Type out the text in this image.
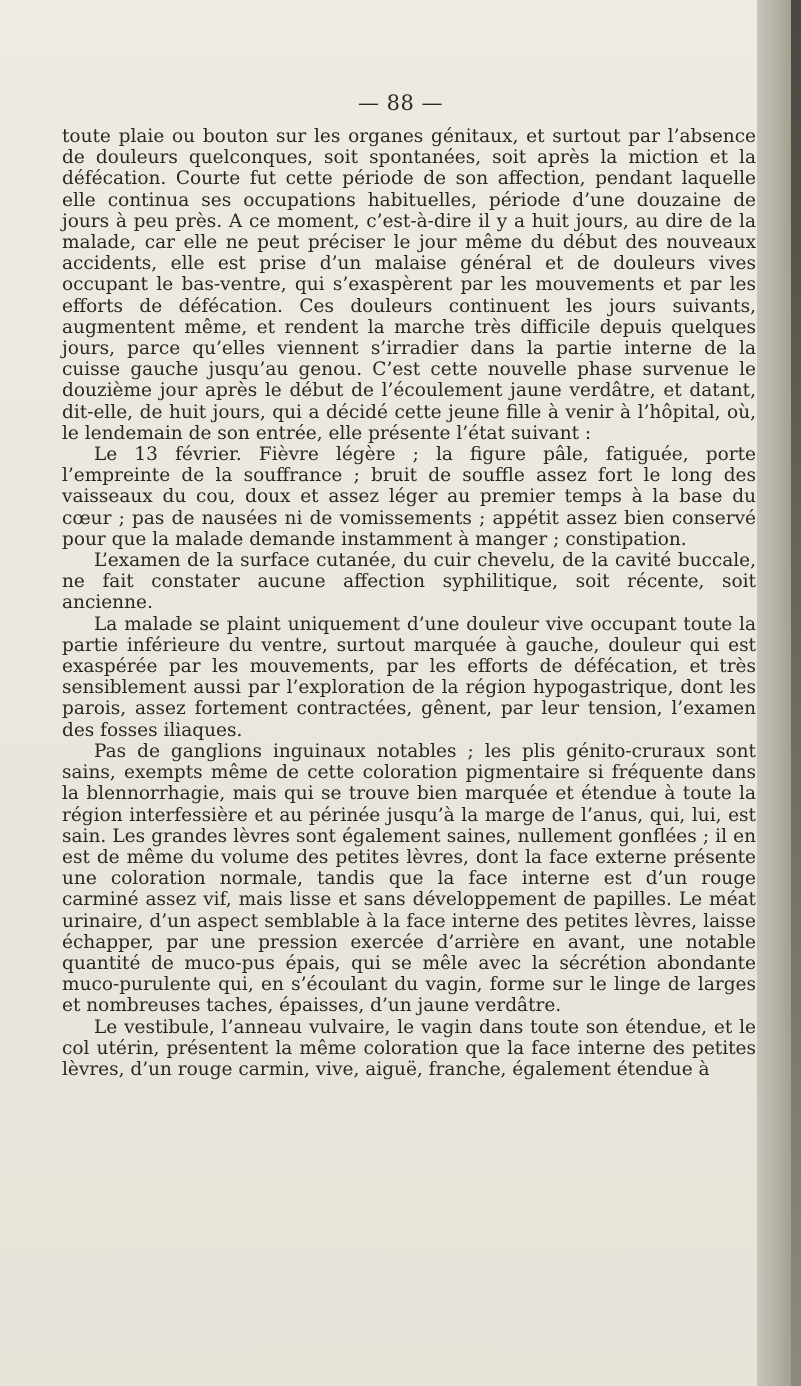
— 88 —

toute plaie ou bouton sur les organes génitaux, et surtout par l’absence de douleurs quelconques, soit spontanées, soit après la miction et la défécation. Courte fut cette période de son affection, pendant laquelle elle continua ses occupations habituelles, période d’une douzaine de jours à peu près. A ce moment, c’est-à-dire il y a huit jours, au dire de la malade, car elle ne peut préciser le jour même du début des nouveaux accidents, elle est prise d’un malaise général et de douleurs vives occupant le bas-ventre, qui s’exaspèrent par les mouvements et par les efforts de défécation. Ces douleurs continuent les jours suivants, augmentent même, et rendent la marche très difficile depuis quelques jours, parce qu’elles viennent s’irradier dans la partie interne de la cuisse gauche jusqu’au genou. C’est cette nouvelle phase survenue le douzième jour après le début de l’écoulement jaune verdâtre, et datant, dit-elle, de huit jours, qui a décidé cette jeune fille à venir à l’hôpital, où, le lendemain de son entrée, elle présente l’état suivant :

Le 13 février. Fièvre légère ; la figure pâle, fatiguée, porte l’empreinte de la souffrance ; bruit de souffle assez fort le long des vaisseaux du cou, doux et assez léger au premier temps à la base du cœur ; pas de nausées ni de vomissements ; appétit assez bien conservé pour que la malade demande instamment à manger ; constipation.

L’examen de la surface cutanée, du cuir chevelu, de la cavité buccale, ne fait constater aucune affection syphilitique, soit récente, soit ancienne.

La malade se plaint uniquement d’une douleur vive occupant toute la partie inférieure du ventre, surtout marquée à gauche, douleur qui est exaspérée par les mouvements, par les efforts de défécation, et très sensiblement aussi par l’exploration de la région hypogastrique, dont les parois, assez fortement contractées, gênent, par leur tension, l’examen des fosses iliaques.

Pas de ganglions inguinaux notables ; les plis génito-cruraux sont sains, exempts même de cette coloration pigmentaire si fréquente dans la blennorrhagie, mais qui se trouve bien marquée et étendue à toute la région interfessière et au périnée jusqu’à la marge de l’anus, qui, lui, est sain. Les grandes lèvres sont également saines, nullement gonflées ; il en est de même du volume des petites lèvres, dont la face externe présente une coloration normale, tandis que la face interne est d’un rouge carminé assez vif, mais lisse et sans développement de papilles. Le méat urinaire, d’un aspect semblable à la face interne des petites lèvres, laisse échapper, par une pression exercée d’arrière en avant, une notable quantité de muco-pus épais, qui se mêle avec la sécrétion abondante muco-purulente qui, en s’écoulant du vagin, forme sur le linge de larges et nombreuses taches, épaisses, d’un jaune verdâtre.

Le vestibule, l’anneau vulvaire, le vagin dans toute son étendue, et le col utérin, présentent la même coloration que la face interne des petites lèvres, d’un rouge carmin, vive, aiguë, franche, également étendue à
